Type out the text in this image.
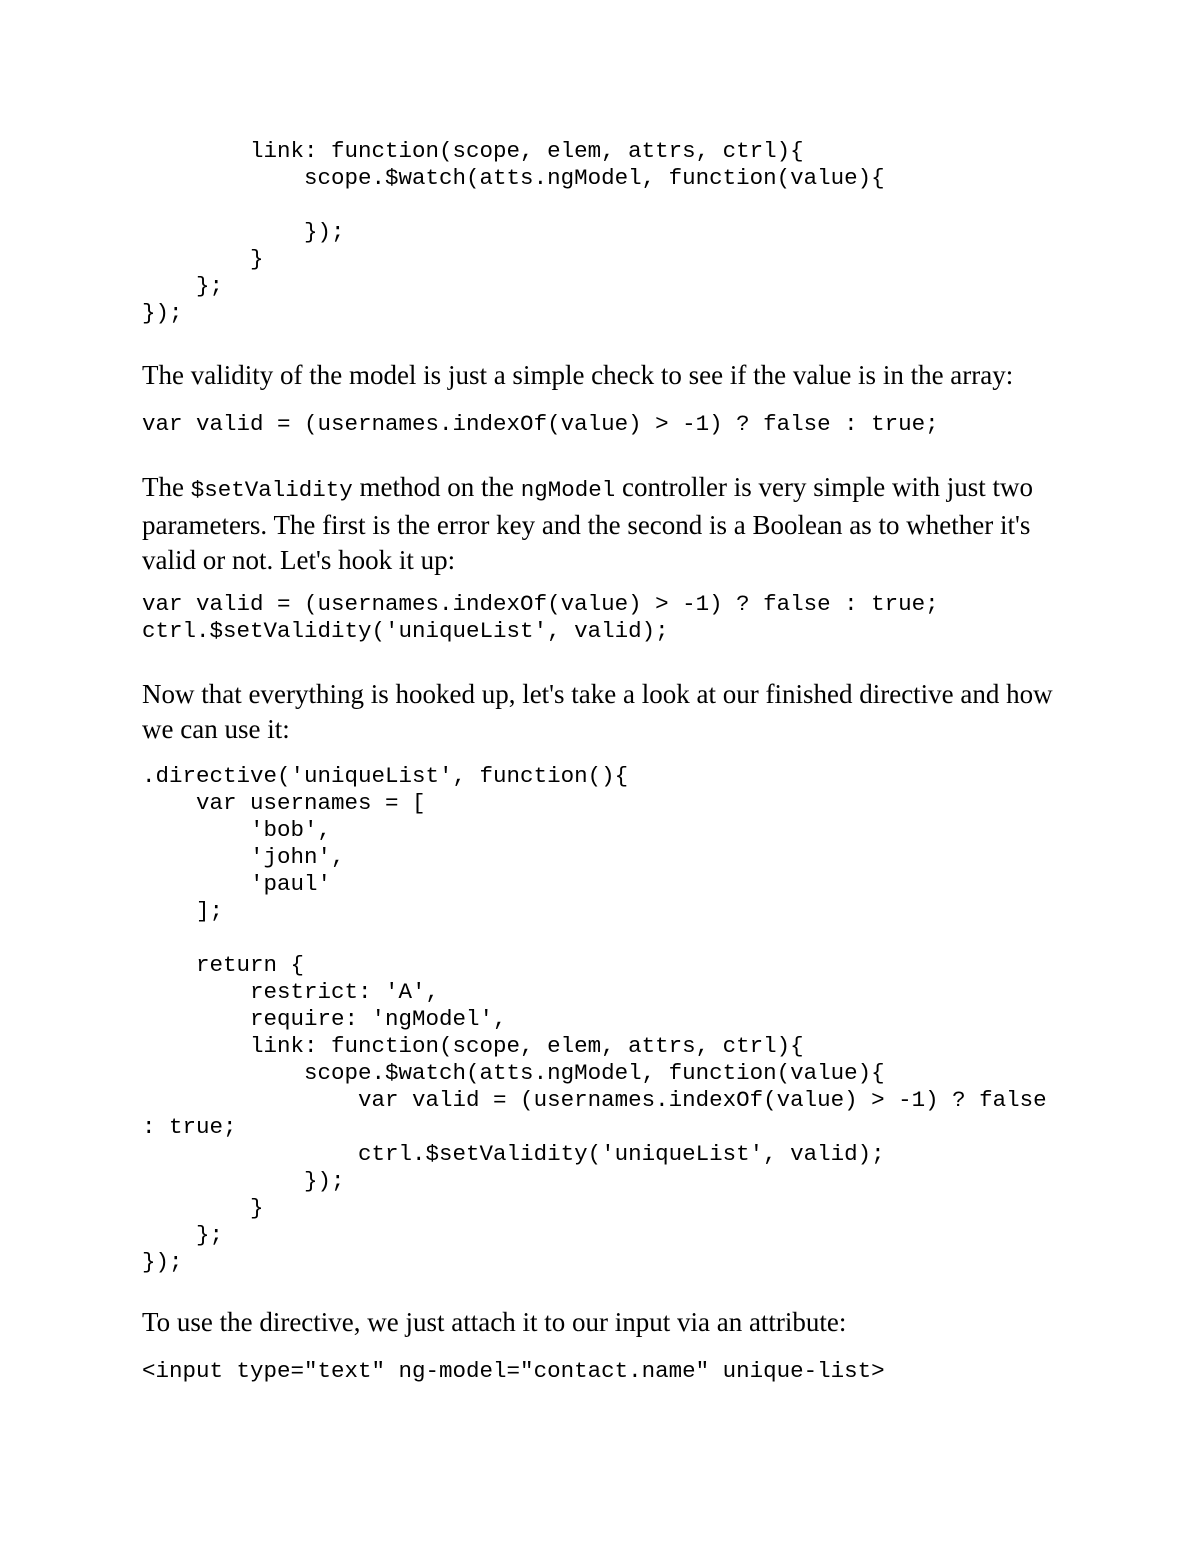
link: function(scope, elem, attrs, ctrl){
scope.$watch(atts.ngModel, function(value){

});
}
};
});

The validity of the model is just a simple check to see if the value is in the array:

var valid = (usernames.indexOf(value) > -1) ? false : true;

The $setValidity method on the ngModel controller is very simple with just two parameters. The first is the error key and the second is a Boolean as to whether it's valid or not. Let's hook it up:

var valid = (usernames.indexOf(value) > -1) ? false : true;
ctrl.$setValidity('uniqueList', valid);

Now that everything is hooked up, let's take a look at our finished directive and how we can use it:

.directive('uniqueList', function(){
var usernames = [
'bob',
'john',
'paul'
];

return {
restrict: 'A',
require: 'ngModel',
link: function(scope, elem, attrs, ctrl){
scope.$watch(atts.ngModel, function(value){
var valid = (usernames.indexOf(value) > -1) ? false
: true;
ctrl.$setValidity('uniqueList', valid);
});
}
};
});

To use the directive, we just attach it to our input via an attribute:

<input type="text" ng-model="contact.name" unique-list>
